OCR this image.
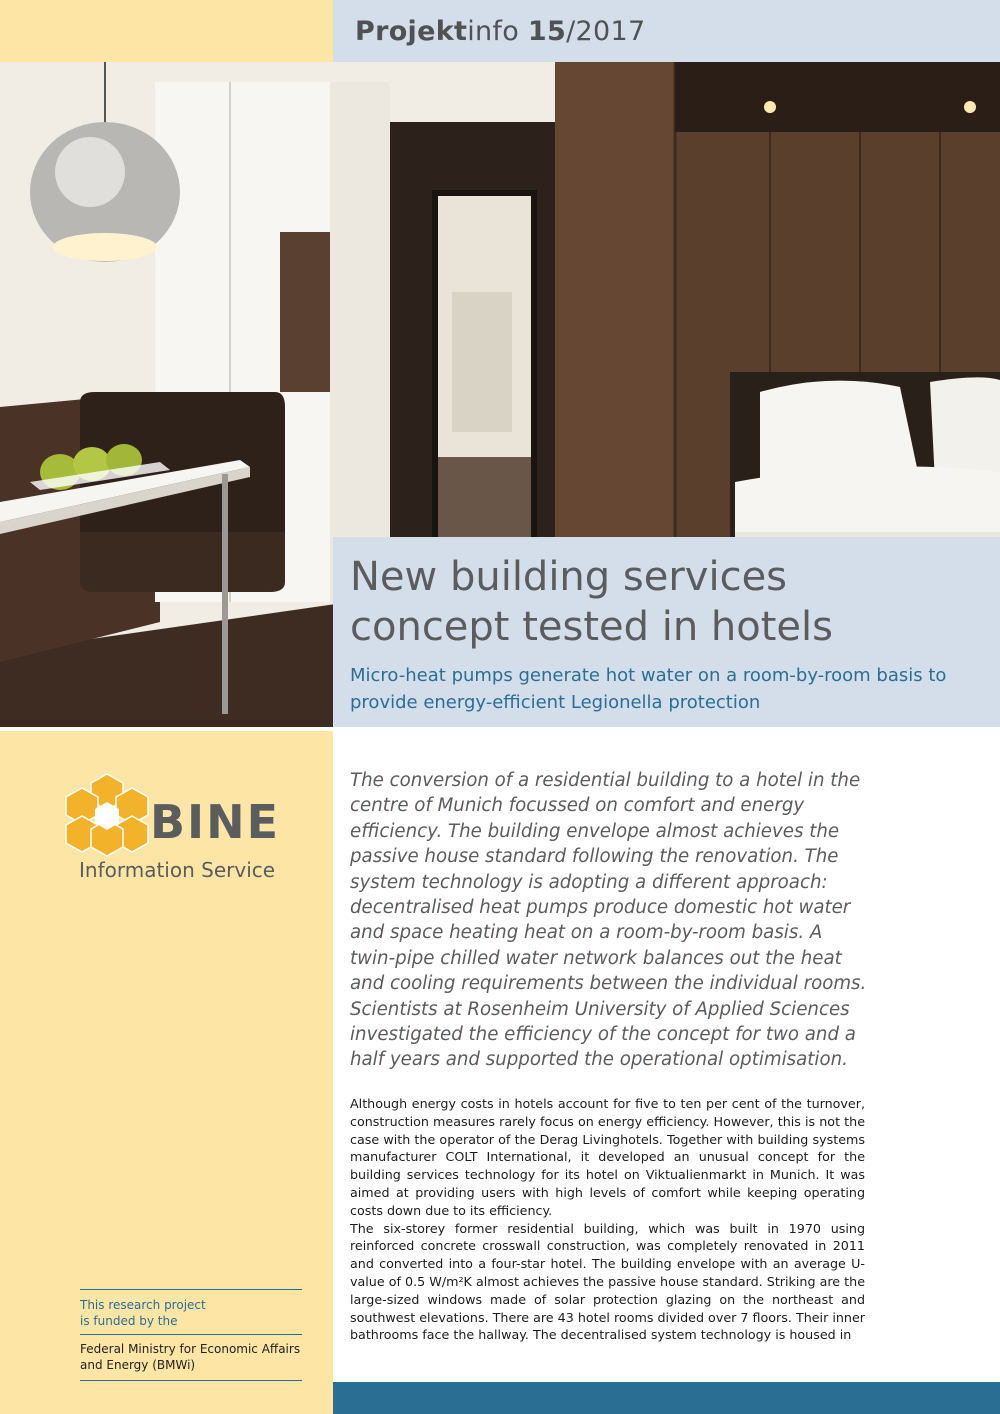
Projektinfo 15/2017
New building services
concept tested in hotels

Micro-heat pumps generate hot water on a room-by-room basis to provide energy-efficient Legionella protection

BINE
Information Service
This research project
is funded by the
Federal Ministry for Economic Affairs
and Energy (BMWi)

The conversion of a residential building to a hotel in the centre of Munich focussed on comfort and energy efficiency. The building envelope almost achieves the passive house standard following the renovation. The system technology is adopting a different approach: decentralised heat pumps produce domestic hot water and space heating heat on a room-by-room basis. A twin-pipe chilled water network balances out the heat and cooling requirements between the individual rooms. Scientists at Rosenheim University of Applied Sciences investigated the efficiency of the concept for two and a half years and supported the operational optimisation.

Although energy costs in hotels account for five to ten per cent of the turnover, construction measures rarely focus on energy efficiency. However, this is not the case with the operator of the Derag Livinghotels. Together with building systems manufacturer COLT International, it developed an unusual concept for the building services technology for its hotel on Viktualienmarkt in Munich. It was aimed at providing users with high levels of comfort while keeping operating costs down due to its efficiency.

The six-storey former residential building, which was built in 1970 using reinforced concrete crosswall construction, was completely renovated in 2011 and converted into a four-star hotel. The building envelope with an average U-value of 0.5 W/m²K almost achieves the passive house standard. Striking are the large-sized windows made of solar protection glazing on the northeast and southwest elevations. There are 43 hotel rooms divided over 7 floors. Their inner bathrooms face the hallway. The decentralised system technology is housed in
